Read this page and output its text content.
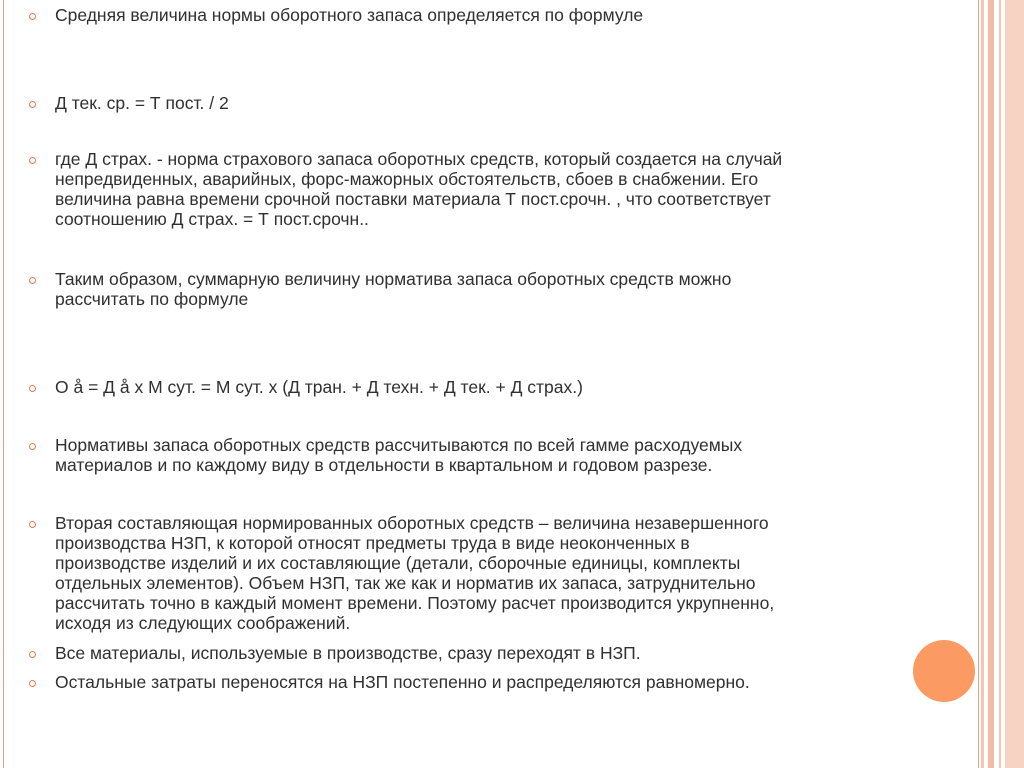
Средняя величина нормы оборотного запаса определяется по формуле
Д тек. ср. = Т пост. / 2
где Д страх. - норма страхового запаса оборотных средств, который создается на случай
непредвиденных, аварийных, форс-мажорных обстоятельств, сбоев в снабжении. Его
величина равна времени срочной поставки материала Т пост.срочн. , что соответствует
соотношению Д страх. = Т пост.срочн..
Таким образом, суммарную величину норматива запаса оборотных средств можно
рассчитать по формуле
О å = Д å х М сут. = М сут. х (Д тран. + Д техн. + Д тек. + Д страх.)
Нормативы запаса оборотных средств рассчитываются по всей гамме расходуемых
материалов и по каждому виду в отдельности в квартальном и годовом разрезе.
Вторая составляющая нормированных оборотных средств – величина незавершенного
производства НЗП, к которой относят предметы труда в виде неоконченных в
производстве изделий и их составляющие (детали, сборочные единицы, комплекты
отдельных элементов). Объем НЗП, так же как и норматив их запаса, затруднительно
рассчитать точно в каждый момент времени. Поэтому расчет производится укрупненно,
исходя из следующих соображений.
Все материалы, используемые в производстве, сразу переходят в НЗП.
Остальные затраты переносятся на НЗП постепенно и распределяются равномерно.
